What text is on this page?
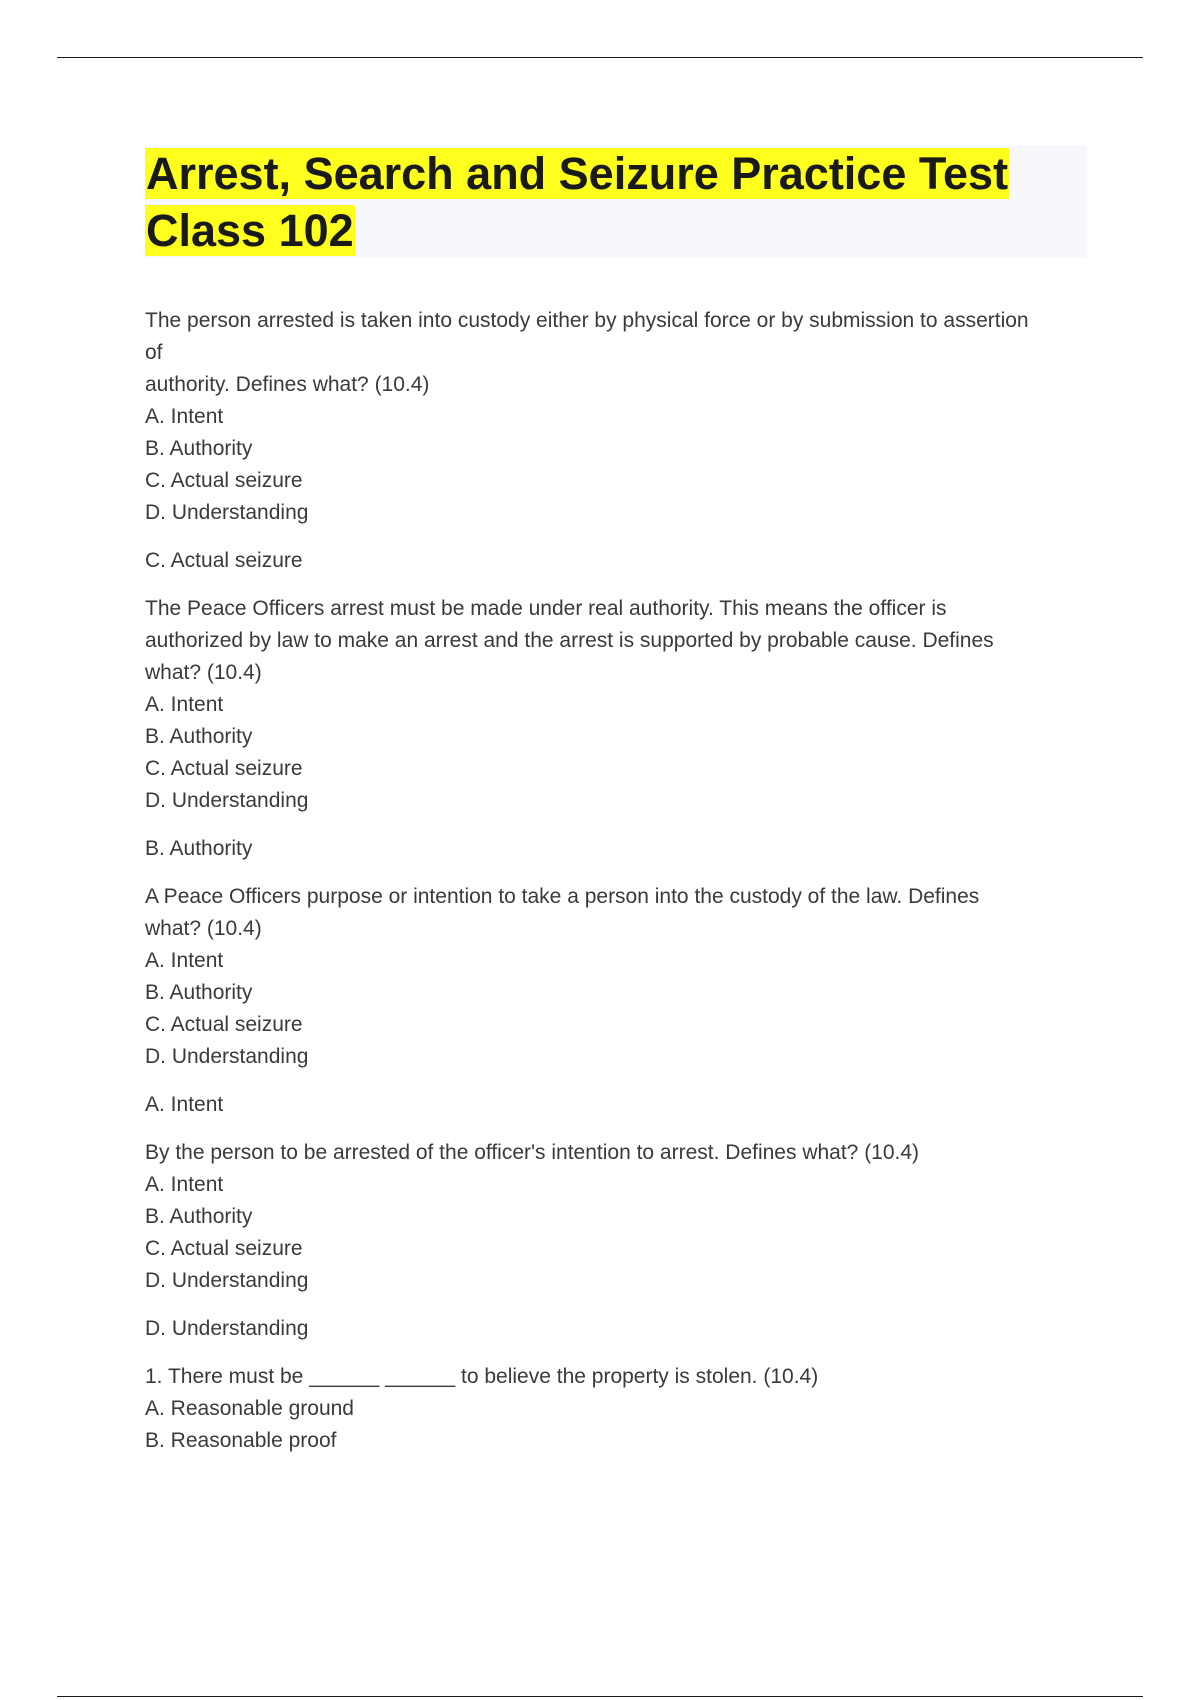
Arrest, Search and Seizure Practice Test
Class 102
The person arrested is taken into custody either by physical force or by submission to assertion
of
authority. Defines what? (10.4)
A. Intent
B. Authority
C. Actual seizure
D. Understanding
C. Actual seizure
The Peace Officers arrest must be made under real authority. This means the officer is
authorized by law to make an arrest and the arrest is supported by probable cause. Defines
what? (10.4)
A. Intent
B. Authority
C. Actual seizure
D. Understanding
B. Authority
A Peace Officers purpose or intention to take a person into the custody of the law. Defines
what? (10.4)
A. Intent
B. Authority
C. Actual seizure
D. Understanding
A. Intent
By the person to be arrested of the officer's intention to arrest. Defines what? (10.4)
A. Intent
B. Authority
C. Actual seizure
D. Understanding
D. Understanding
1. There must be ______ ______ to believe the property is stolen. (10.4)
A. Reasonable ground
B. Reasonable proof
